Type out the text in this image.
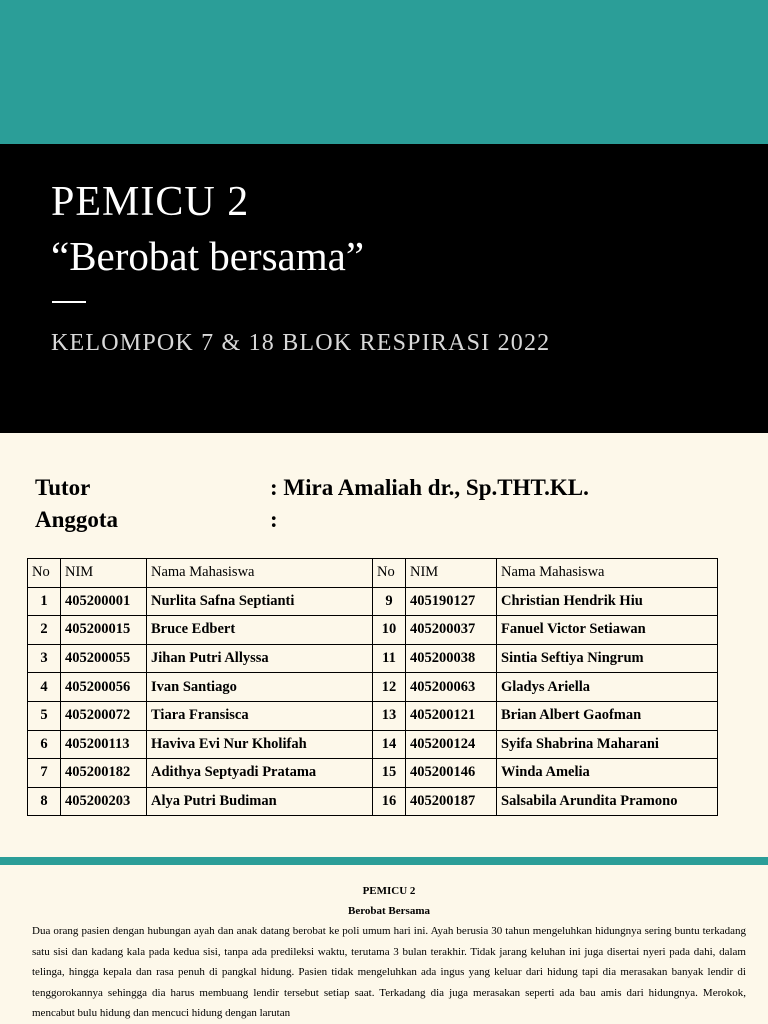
PEMICU 2
“Berobat bersama”
KELOMPOK 7 & 18 BLOK RESPIRASI 2022
Tutor	: Mira Amaliah dr., Sp.THT.KL.
Anggota	:
No	NIM	Nama Mahasiswa	No	NIM	Nama Mahasiswa
1	405200001	Nurlita Safna Septianti	9	405190127	Christian Hendrik Hiu
2	405200015	Bruce Edbert	10	405200037	Fanuel Victor Setiawan
3	405200055	Jihan Putri Allyssa	11	405200038	Sintia Seftiya Ningrum
4	405200056	Ivan Santiago	12	405200063	Gladys Ariella
5	405200072	Tiara Fransisca	13	405200121	Brian Albert Gaofman
6	405200113	Haviva Evi Nur Kholifah	14	405200124	Syifa Shabrina Maharani
7	405200182	Adithya Septyadi Pratama	15	405200146	Winda Amelia
8	405200203	Alya Putri Budiman	16	405200187	Salsabila Arundita Pramono
PEMICU 2
Berobat Bersama
Dua orang pasien dengan hubungan ayah dan anak datang berobat ke poli umum hari ini. Ayah berusia 30 tahun mengeluhkan hidungnya sering buntu terkadang satu sisi dan kadang kala pada kedua sisi, tanpa ada predileksi waktu, terutama 3 bulan terakhir. Tidak jarang keluhan ini juga disertai nyeri pada dahi, dalam telinga, hingga kepala dan rasa penuh di pangkal hidung. Pasien tidak mengeluhkan ada ingus yang keluar dari hidung tapi dia merasakan banyak lendir di tenggorokannya sehingga dia harus membuang lendir tersebut setiap saat. Terkadang dia juga merasakan seperti ada bau amis dari hidungnya. Merokok, mencabut bulu hidung dan mencuci hidung dengan larutan
